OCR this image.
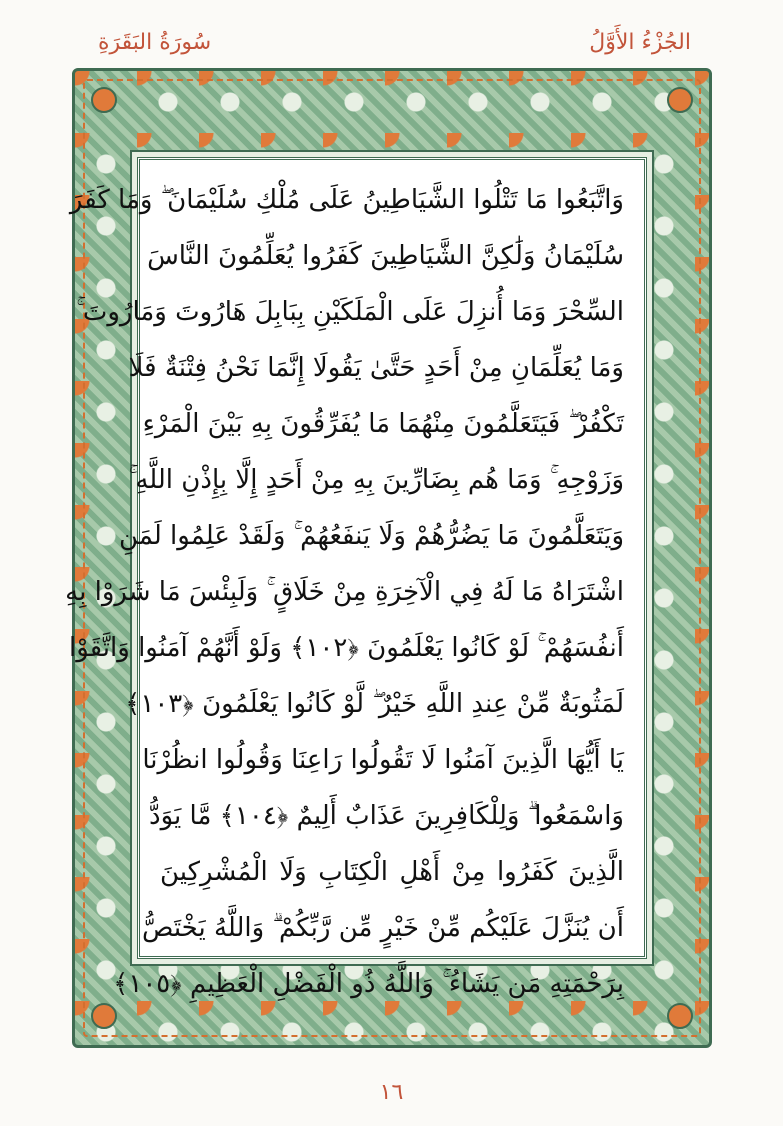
الجُزْءُ الأَوَّلُ
سُورَةُ البَقَرَةِ
وَاتَّبَعُوا مَا تَتْلُوا الشَّيَاطِينُ عَلَى مُلْكِ سُلَيْمَانَ ۖ وَمَا كَفَرَ
سُلَيْمَانُ وَلَٰكِنَّ الشَّيَاطِينَ كَفَرُوا يُعَلِّمُونَ النَّاسَ
السِّحْرَ وَمَا أُنزِلَ عَلَى الْمَلَكَيْنِ بِبَابِلَ هَارُوتَ وَمَارُوتَ ۚ
وَمَا يُعَلِّمَانِ مِنْ أَحَدٍ حَتَّىٰ يَقُولَا إِنَّمَا نَحْنُ فِتْنَةٌ فَلَا
تَكْفُرْ ۖ فَيَتَعَلَّمُونَ مِنْهُمَا مَا يُفَرِّقُونَ بِهِ بَيْنَ الْمَرْءِ
وَزَوْجِهِ ۚ وَمَا هُم بِضَارِّينَ بِهِ مِنْ أَحَدٍ إِلَّا بِإِذْنِ اللَّهِ ۚ
وَيَتَعَلَّمُونَ مَا يَضُرُّهُمْ وَلَا يَنفَعُهُمْ ۚ وَلَقَدْ عَلِمُوا لَمَنِ
اشْتَرَاهُ مَا لَهُ فِي الْآخِرَةِ مِنْ خَلَاقٍ ۚ وَلَبِئْسَ مَا شَرَوْا بِهِ
أَنفُسَهُمْ ۚ لَوْ كَانُوا يَعْلَمُونَ ﴿١٠٢﴾ وَلَوْ أَنَّهُمْ آمَنُوا وَاتَّقَوْا
لَمَثُوبَةٌ مِّنْ عِندِ اللَّهِ خَيْرٌ ۖ لَّوْ كَانُوا يَعْلَمُونَ ﴿١٠٣﴾
يَا أَيُّهَا الَّذِينَ آمَنُوا لَا تَقُولُوا رَاعِنَا وَقُولُوا انظُرْنَا
وَاسْمَعُوا ۗ وَلِلْكَافِرِينَ عَذَابٌ أَلِيمٌ ﴿١٠٤﴾ مَّا يَوَدُّ
الَّذِينَ كَفَرُوا مِنْ أَهْلِ الْكِتَابِ وَلَا الْمُشْرِكِينَ
أَن يُنَزَّلَ عَلَيْكُم مِّنْ خَيْرٍ مِّن رَّبِّكُمْ ۗ وَاللَّهُ يَخْتَصُّ
بِرَحْمَتِهِ مَن يَشَاءُ ۚ وَاللَّهُ ذُو الْفَضْلِ الْعَظِيمِ ﴿١٠٥﴾
١٦
